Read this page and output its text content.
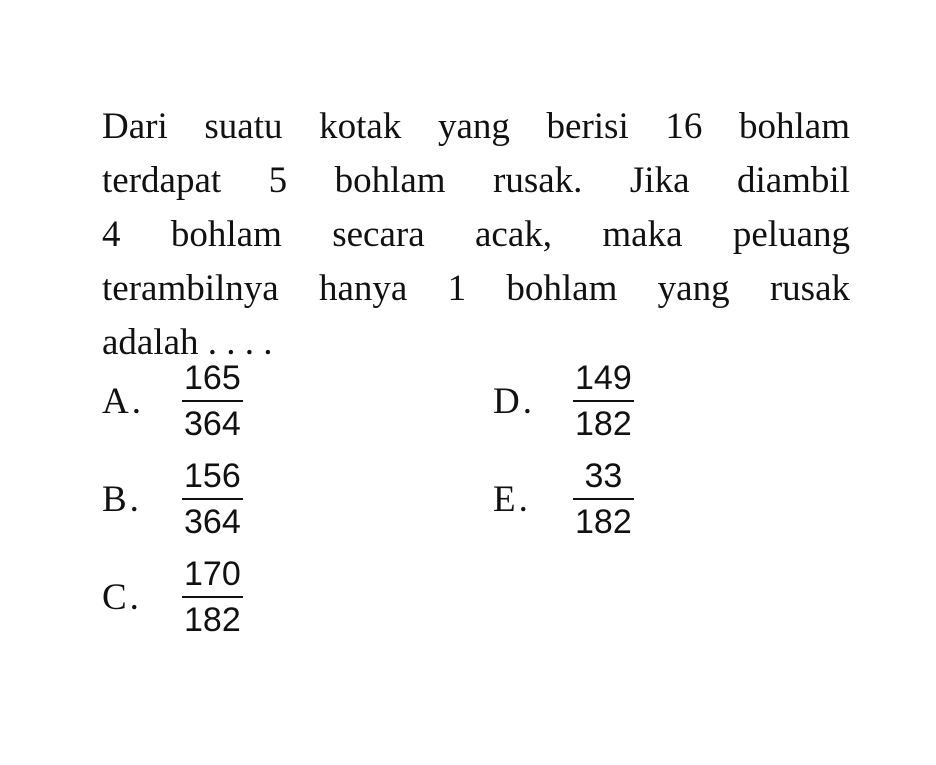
Dari suatu kotak yang berisi 16 bohlam
terdapat 5 bohlam rusak. Jika diambil
4 bohlam secara acak, maka peluang
terambilnya hanya 1 bohlam yang rusak
adalah . . . .
A.	$\frac{165}{364}$	D.	$\frac{149}{182}$
B.	$\frac{156}{364}$	E.	$\frac{33}{182}$
C.	$\frac{170}{182}$
